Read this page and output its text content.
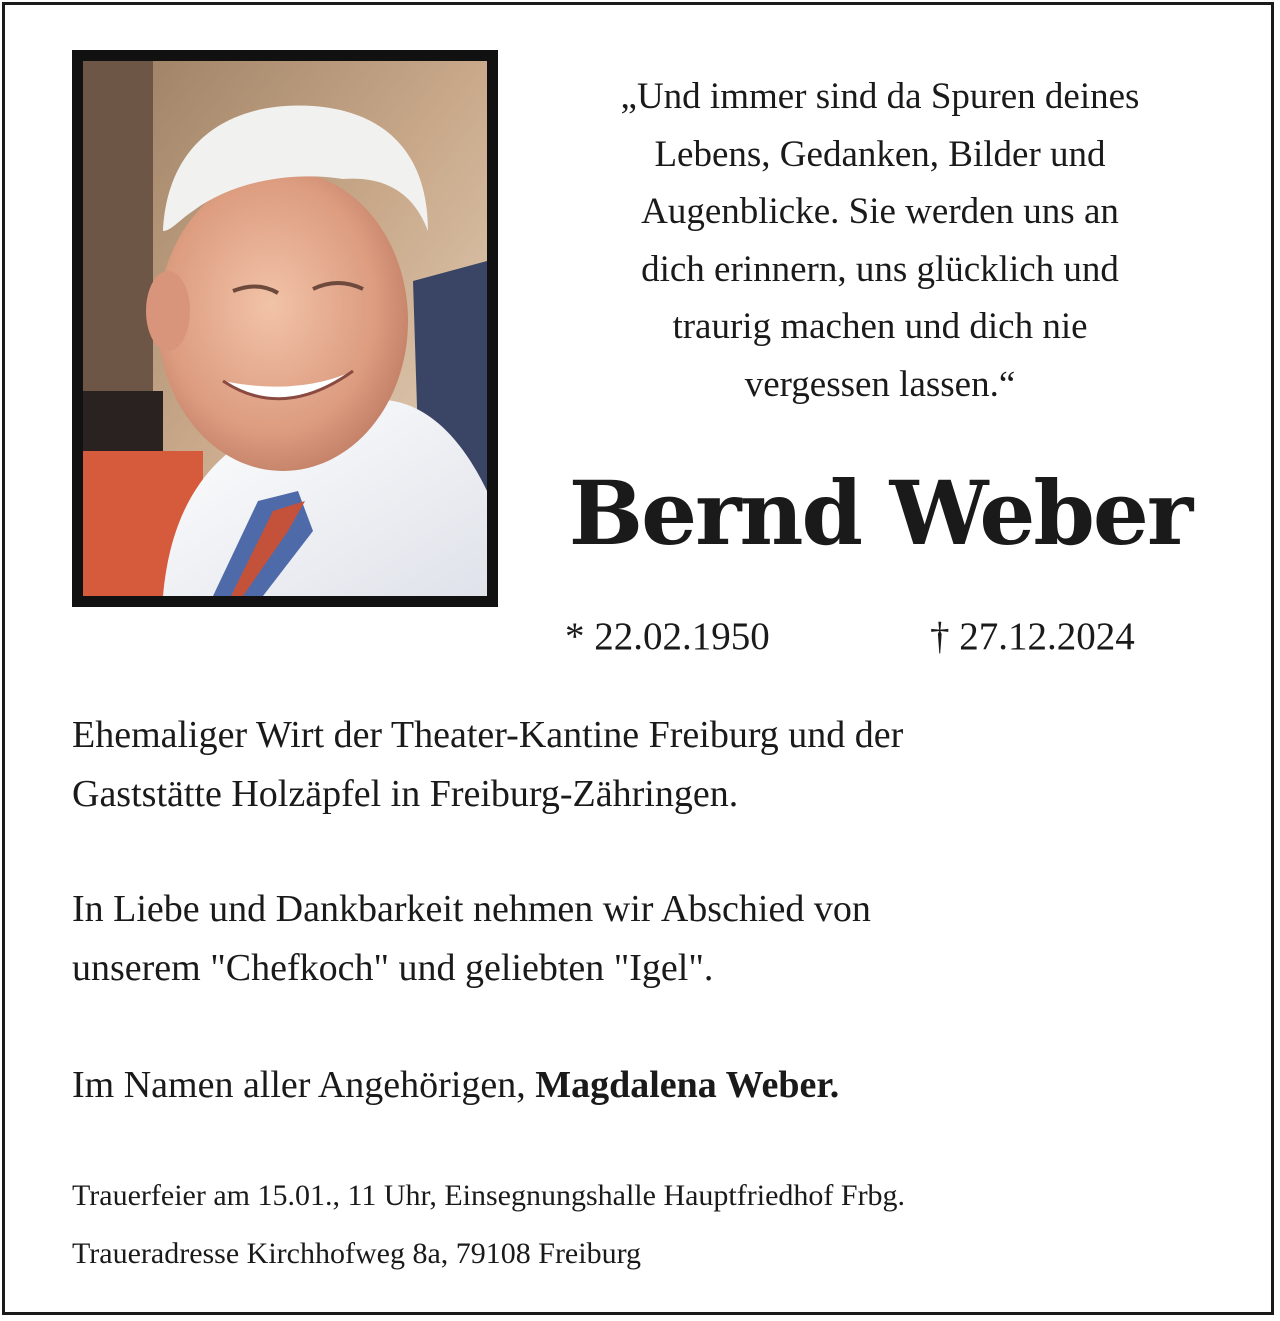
„Und immer sind da Spuren deines
Lebens, Gedanken, Bilder und
Augenblicke. Sie werden uns an
dich erinnern, uns glücklich und
traurig machen und dich nie
vergessen lassen.“
Bernd Weber
* 22.02.1950	† 27.12.2024
Ehemaliger Wirt der Theater-Kantine Freiburg und der
Gaststätte Holzäpfel in Freiburg-Zähringen.
In Liebe und Dankbarkeit nehmen wir Abschied von
unserem "Chefkoch" und geliebten "Igel".
Im Namen aller Angehörigen, Magdalena Weber.
Trauerfeier am 15.01., 11 Uhr, Einsegnungshalle Hauptfriedhof Frbg.
Traueradresse Kirchhofweg 8a, 79108 Freiburg
